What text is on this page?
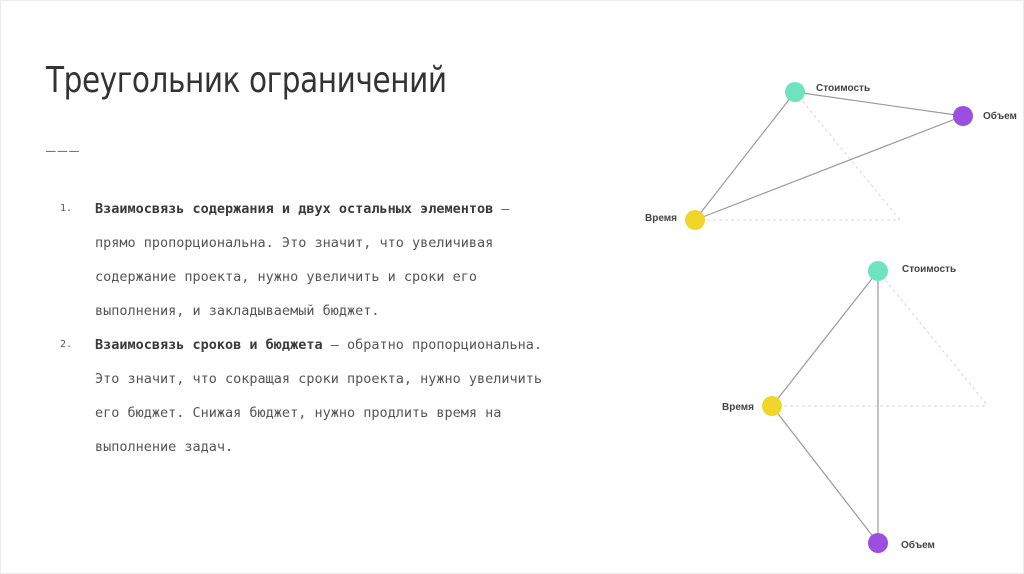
Треугольник ограничений
———
1. Взаимосвязь содержания и двух остальных элементов —
прямо пропорциональна. Это значит, что увеличивая
содержание проекта, нужно увеличить и сроки его
выполнения, и закладываемый бюджет.
2. Взаимосвязь сроков и бюджета — обратно пропорциональна.
Это значит, что сокращая сроки проекта, нужно увеличить
его бюджет. Снижая бюджет, нужно продлить время на
выполнение задач.
Стоимость
Объем
Время
Стоимость
Время
Объем
